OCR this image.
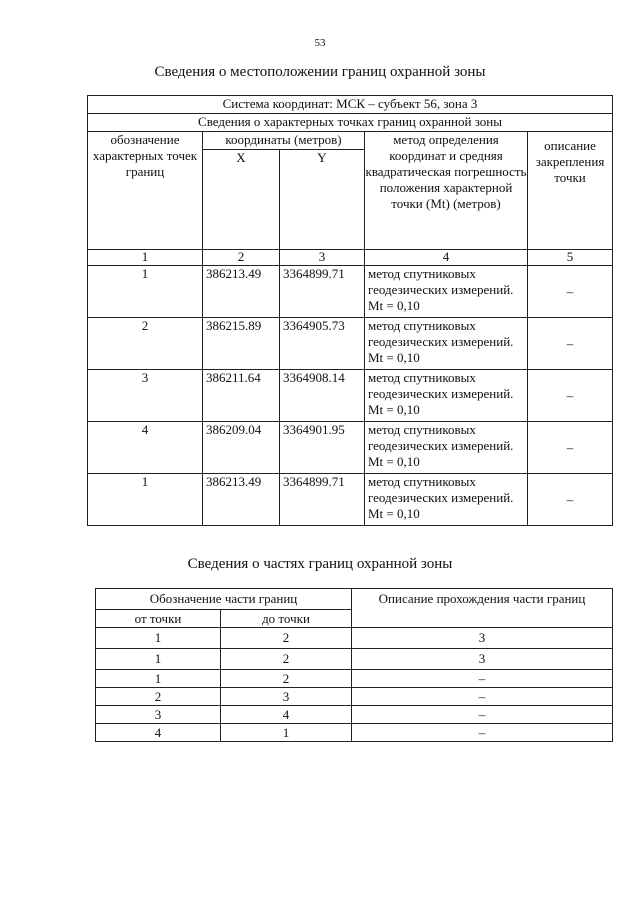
53
Сведения о местоположении границ охранной зоны
Система координат: МСК – субъект 56, зона 3				
Сведения о характерных точках границ охранной зоны				
обозначение характерных точек границ	координаты (метров)		метод определения координат и средняя квадратическая погрешность положения характерной точки (Mt) (метров)	описание закрепления точки
	X	Y		
1	2	3	4	5
1	386213.49	3364899.71	метод спутниковых геодезических измерений. Mt = 0,10	–
2	386215.89	3364905.73	метод спутниковых геодезических измерений. Mt = 0,10	–
3	386211.64	3364908.14	метод спутниковых геодезических измерений. Mt = 0,10	–
4	386209.04	3364901.95	метод спутниковых геодезических измерений. Mt = 0,10	–
1	386213.49	3364899.71	метод спутниковых геодезических измерений. Mt = 0,10	–
Сведения о частях границ охранной зоны
Обозначение части границ		Описание прохождения части границ
от точки	до точки	
1	2	3
1	2	3
1	2	–
2	3	–
3	4	–
4	1	–
